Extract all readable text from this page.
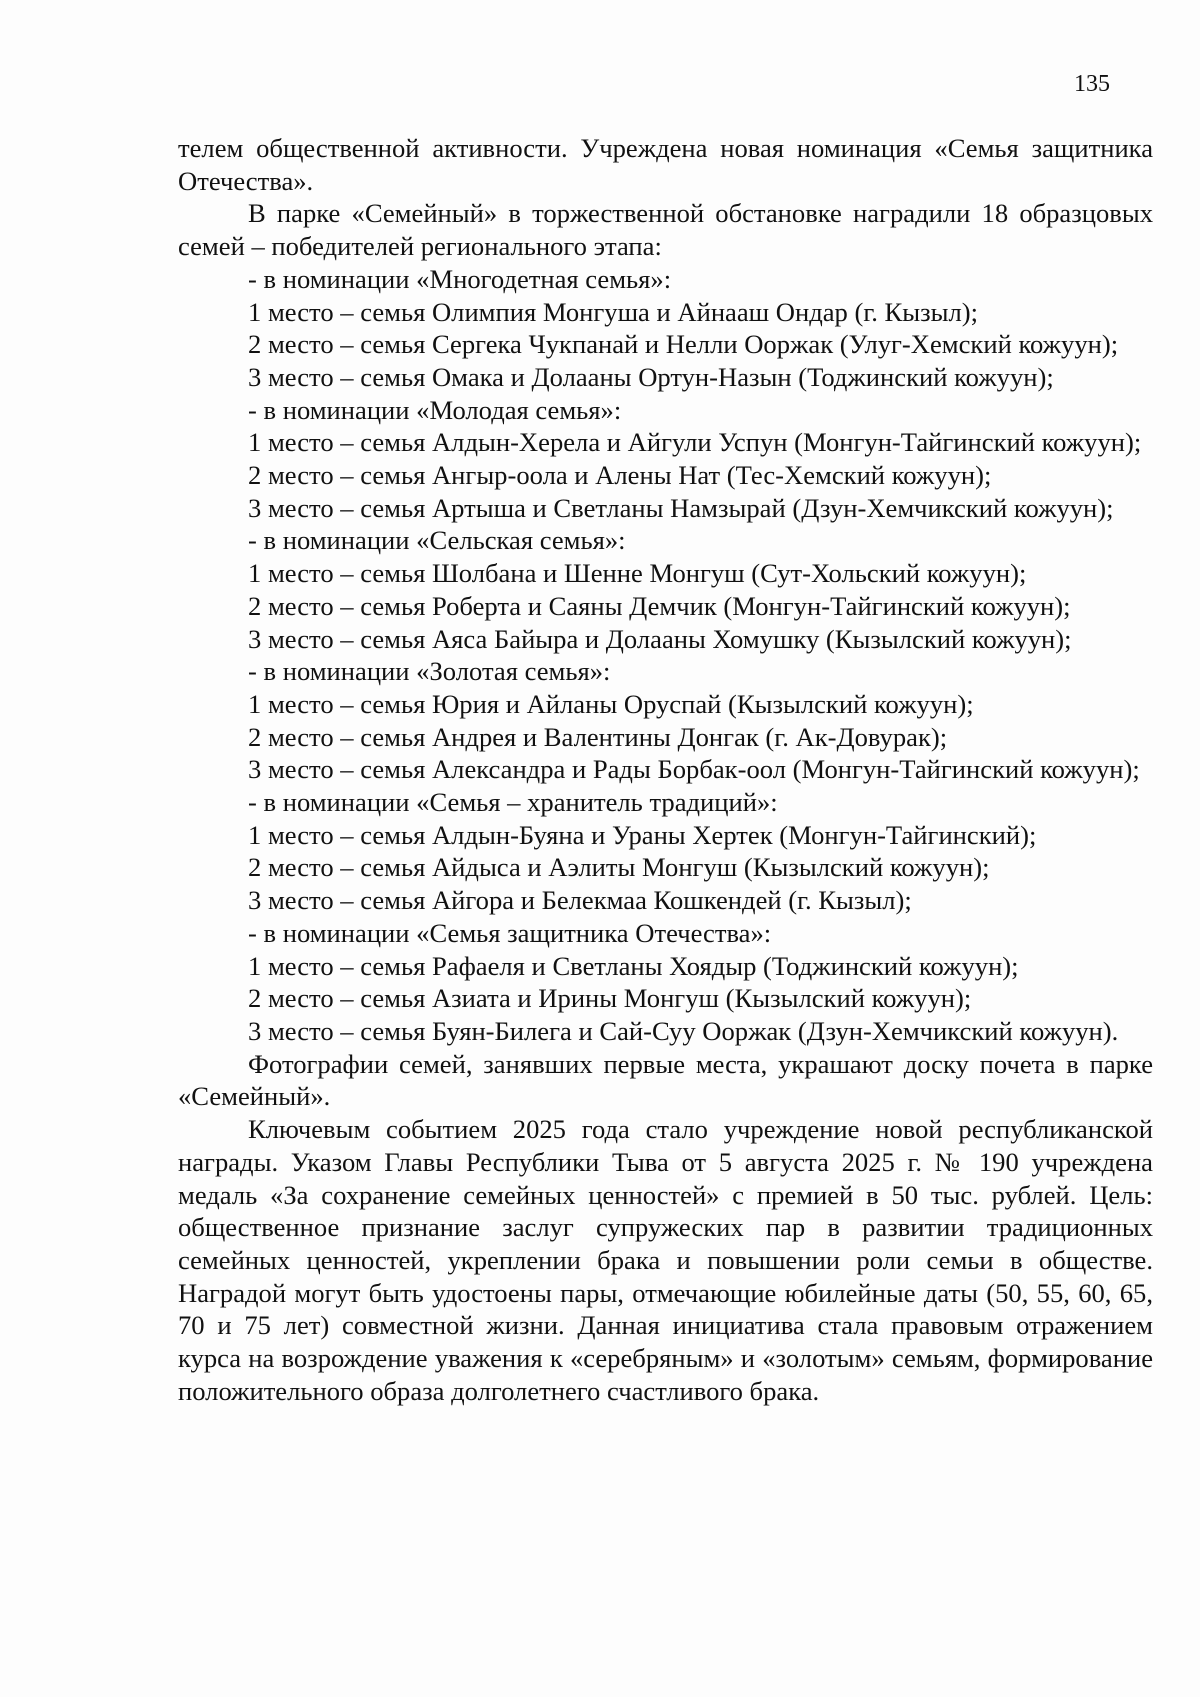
135

телем общественной активности. Учреждена новая номинация «Семья защитника Отечества».

В парке «Семейный» в торжественной обстановке наградили 18 образцовых семей – победителей регионального этапа:

- в номинации «Многодетная семья»:

1 место – семья Олимпия Монгуша и Айнааш Ондар (г. Кызыл);

2 место – семья Сергека Чукпанай и Нелли Ооржак (Улуг-Хемский кожуун);

3 место – семья Омака и Долааны Ортун-Назын (Тоджинский кожуун);

- в номинации «Молодая семья»:

1 место – семья Алдын-Херела и Айгули Успун (Монгун-Тайгинский кожуун);

2 место – семья Ангыр-оола и Алены Нат (Тес-Хемский кожуун);

3 место – семья Артыша и Светланы Намзырай (Дзун-Хемчикский кожуун);

- в номинации «Сельская семья»:

1 место – семья Шолбана и Шенне Монгуш (Сут-Хольский кожуун);

2 место – семья Роберта и Саяны Демчик (Монгун-Тайгинский кожуун);

3 место – семья Аяса Байыра и Долааны Хомушку (Кызылский кожуун);

- в номинации «Золотая семья»:

1 место – семья Юрия и Айланы Оруспай (Кызылский кожуун);

2 место – семья Андрея и Валентины Донгак (г. Ак-Довурак);

3 место – семья Александра и Рады Борбак-оол (Монгун-Тайгинский кожуун);

- в номинации «Семья – хранитель традиций»:

1 место – семья Алдын-Буяна и Ураны Хертек (Монгун-Тайгинский);

2 место – семья Айдыса и Аэлиты Монгуш (Кызылский кожуун);

3 место – семья Айгора и Белекмаа Кошкендей (г. Кызыл);

- в номинации «Семья защитника Отечества»:

1 место – семья Рафаеля и Светланы Хоядыр (Тоджинский кожуун);

2 место – семья Азиата и Ирины Монгуш (Кызылский кожуун);

3 место – семья Буян-Билега и Сай-Суу Ооржак (Дзун-Хемчикский кожуун).

Фотографии семей, занявших первые места, украшают доску почета в парке «Семейный».

Ключевым событием 2025 года стало учреждение новой республиканской награды. Указом Главы Республики Тыва от 5 августа 2025 г. № 190 учреждена медаль «За сохранение семейных ценностей» с премией в 50 тыс. рублей. Цель: общественное признание заслуг супружеских пар в развитии традиционных семейных ценностей, укреплении брака и повышении роли семьи в обществе. Наградой могут быть удостоены пары, отмечающие юбилейные даты (50, 55, 60, 65, 70 и 75 лет) совместной жизни. Данная инициатива стала правовым отражением курса на возрождение уважения к «серебряным» и «золотым» семьям, формирование положительного образа долголетнего счастливого брака.
